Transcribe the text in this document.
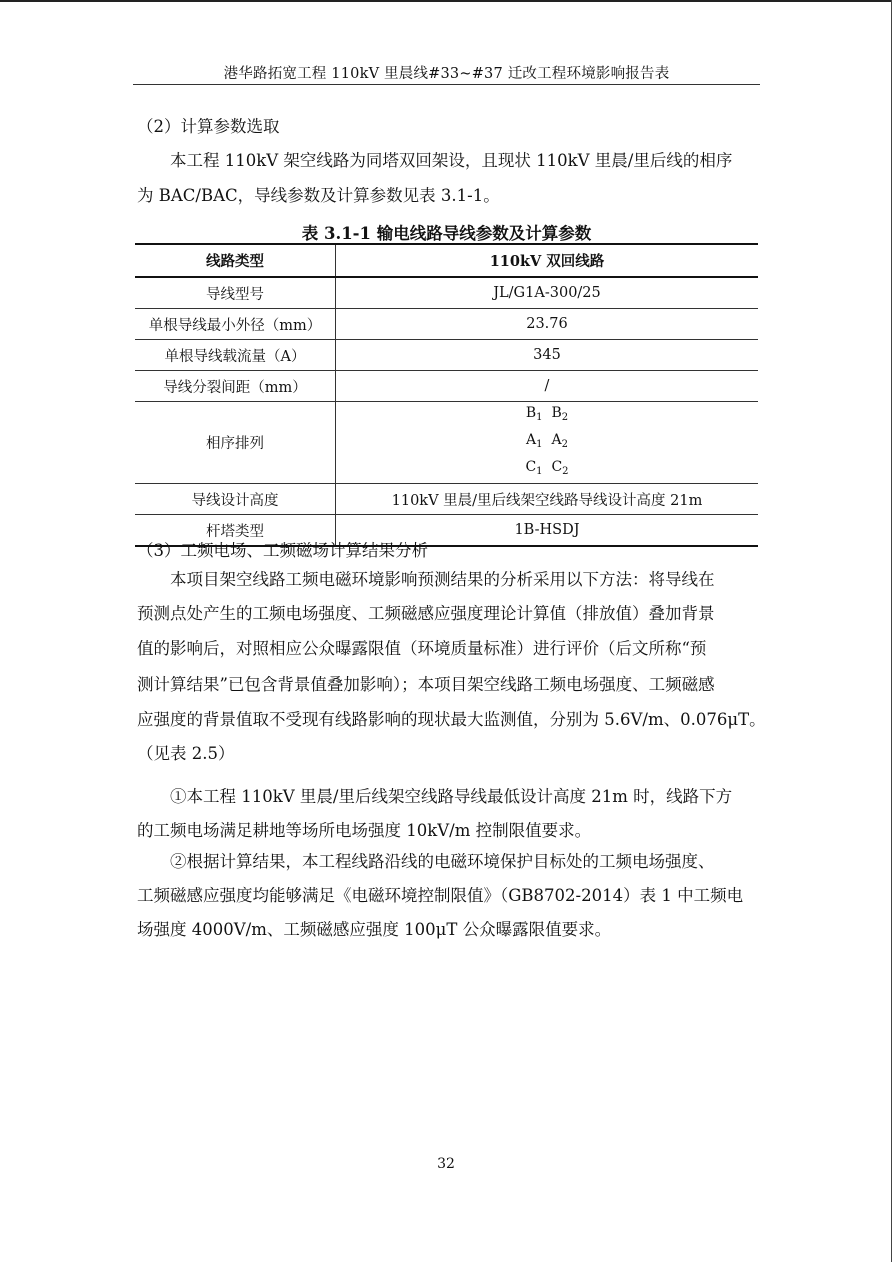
港华路拓宽工程 110kV 里晨线#33~#37 迁改工程环境影响报告表
（2）计算参数选取
本工程 110kV 架空线路为同塔双回架设，且现状 110kV 里晨/里后线的相序
为 BAC/BAC，导线参数及计算参数见表 3.1-1。
表 3.1-1 输电线路导线参数及计算参数
线路类型	110kV 双回线路
导线型号	JL/G1A-300/25
单根导线最小外径（mm）	23.76
单根导线载流量（A）	345
导线分裂间距（mm）	/
相序排列	$B_1$ $B_2$
$A_1$ $A_2$
$C_1$ $C_2$

导线设计高度	110kV 里晨/里后线架空线路导线设计高度 21m
杆塔类型	1B-HSDJ
（3）工频电场、工频磁场计算结果分析
本项目架空线路工频电磁环境影响预测结果的分析采用以下方法：将导线在
预测点处产生的工频电场强度、工频磁感应强度理论计算值（排放值）叠加背景
值的影响后，对照相应公众曝露限值（环境质量标准）进行评价（后文所称“预
测计算结果”已包含背景值叠加影响）；本项目架空线路工频电场强度、工频磁感
应强度的背景值取不受现有线路影响的现状最大监测值，分别为 5.6V/m、0.076μT。
（见表 2.5）
①本工程 110kV 里晨/里后线架空线路导线最低设计高度 21m 时，线路下方
的工频电场满足耕地等场所电场强度 10kV/m 控制限值要求。
②根据计算结果，本工程线路沿线的电磁环境保护目标处的工频电场强度、
工频磁感应强度均能够满足《电磁环境控制限值》（GB8702-2014）表 1 中工频电
场强度 4000V/m、工频磁感应强度 100μT 公众曝露限值要求。
32
